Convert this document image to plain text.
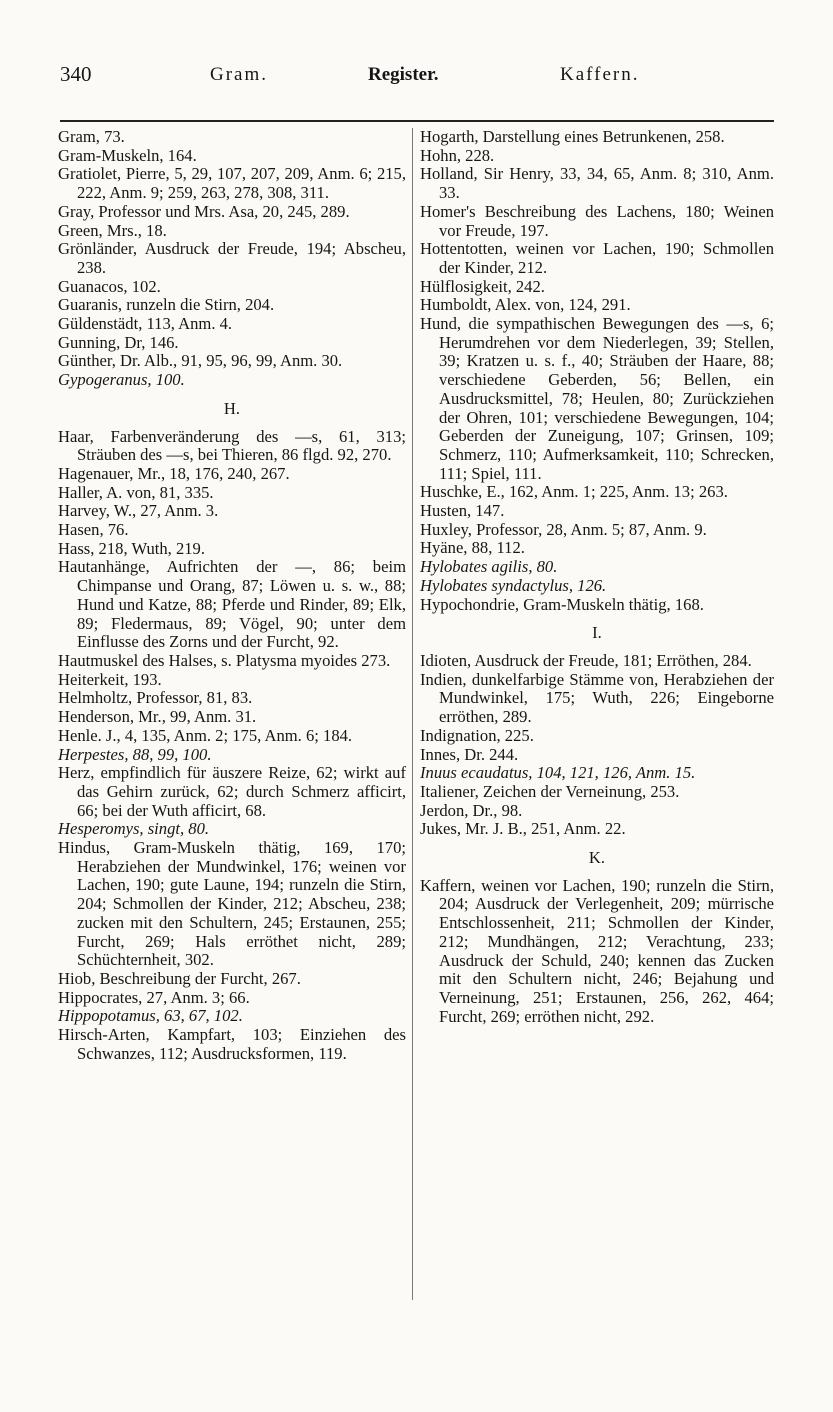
340	Gram.	Register.	Kaffern.

Gram, 73.

Gram-Muskeln, 164.

Gratiolet, Pierre, 5, 29, 107, 207, 209, Anm. 6; 215, 222, Anm. 9; 259, 263, 278, 308, 311.

Gray, Professor und Mrs. Asa, 20, 245, 289.

Green, Mrs., 18.

Grönländer, Ausdruck der Freude, 194; Abscheu, 238.

Guanacos, 102.

Guaranis, runzeln die Stirn, 204.

Güldenstädt, 113, Anm. 4.

Gunning, Dr, 146.

Günther, Dr. Alb., 91, 95, 96, 99, Anm. 30.

Gypogeranus, 100.

H.

Haar, Farbenveränderung des —s, 61, 313; Sträuben des —s, bei Thieren, 86 flgd. 92, 270.

Hagenauer, Mr., 18, 176, 240, 267.

Haller, A. von, 81, 335.

Harvey, W., 27, Anm. 3.

Hasen, 76.

Hass, 218, Wuth, 219.

Hautanhänge, Aufrichten der —, 86; beim Chimpanse und Orang, 87; Löwen u. s. w., 88; Hund und Katze, 88; Pferde und Rinder, 89; Elk, 89; Fledermaus, 89; Vögel, 90; unter dem Einflusse des Zorns und der Furcht, 92.

Hautmuskel des Halses, s. Platysma myoides 273.

Heiterkeit, 193.

Helmholtz, Professor, 81, 83.

Henderson, Mr., 99, Anm. 31.

Henle. J., 4, 135, Anm. 2; 175, Anm. 6; 184.

Herpestes, 88, 99, 100.

Herz, empfindlich für äuszere Reize, 62; wirkt auf das Gehirn zurück, 62; durch Schmerz afficirt, 66; bei der Wuth afficirt, 68.

Hesperomys, singt, 80.

Hindus, Gram-Muskeln thätig, 169, 170; Herabziehen der Mundwinkel, 176; weinen vor Lachen, 190; gute Laune, 194; runzeln die Stirn, 204; Schmollen der Kinder, 212; Abscheu, 238; zucken mit den Schultern, 245; Erstaunen, 255; Furcht, 269; Hals erröthet nicht, 289; Schüchternheit, 302.

Hiob, Beschreibung der Furcht, 267.

Hippocrates, 27, Anm. 3; 66.

Hippopotamus, 63, 67, 102.

Hirsch-Arten, Kampfart, 103; Einziehen des Schwanzes, 112; Ausdrucksformen, 119.

Hogarth, Darstellung eines Betrunkenen, 258.

Hohn, 228.

Holland, Sir Henry, 33, 34, 65, Anm. 8; 310, Anm. 33.

Homer's Beschreibung des Lachens, 180; Weinen vor Freude, 197.

Hottentotten, weinen vor Lachen, 190; Schmollen der Kinder, 212.

Hülflosigkeit, 242.

Humboldt, Alex. von, 124, 291.

Hund, die sympathischen Bewegungen des —s, 6; Herumdrehen vor dem Niederlegen, 39; Stellen, 39; Kratzen u. s. f., 40; Sträuben der Haare, 88; verschiedene Geberden, 56; Bellen, ein Ausdrucksmittel, 78; Heulen, 80; Zurückziehen der Ohren, 101; verschiedene Bewegungen, 104; Geberden der Zuneigung, 107; Grinsen, 109; Schmerz, 110; Aufmerksamkeit, 110; Schrecken, 111; Spiel, 111.

Huschke, E., 162, Anm. 1; 225, Anm. 13; 263.

Husten, 147.

Huxley, Professor, 28, Anm. 5; 87, Anm. 9.

Hyäne, 88, 112.

Hylobates agilis, 80.

Hylobates syndactylus, 126.

Hypochondrie, Gram-Muskeln thätig, 168.

I.

Idioten, Ausdruck der Freude, 181; Erröthen, 284.

Indien, dunkelfarbige Stämme von, Herabziehen der Mundwinkel, 175; Wuth, 226; Eingeborne erröthen, 289.

Indignation, 225.

Innes, Dr. 244.

Inuus ecaudatus, 104, 121, 126, Anm. 15.

Italiener, Zeichen der Verneinung, 253.

Jerdon, Dr., 98.

Jukes, Mr. J. B., 251, Anm. 22.

K.

Kaffern, weinen vor Lachen, 190; runzeln die Stirn, 204; Ausdruck der Verlegenheit, 209; mürrische Entschlossenheit, 211; Schmollen der Kinder, 212; Mundhängen, 212; Verachtung, 233; Ausdruck der Schuld, 240; kennen das Zucken mit den Schultern nicht, 246; Bejahung und Verneinung, 251; Erstaunen, 256, 262, 464; Furcht, 269; erröthen nicht, 292.
